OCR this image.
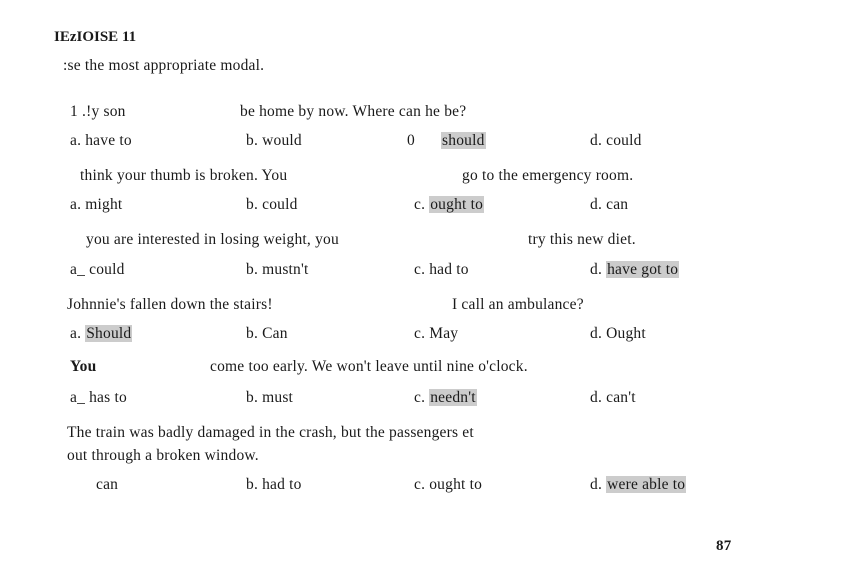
IEzIOISE 11
:se the most appropriate modal.
1 .!y son	be home by now. Where can he be?
a. have to	b. would	0 should	d. could
think your thumb is broken. You	go to the emergency room.
a. might	b. could	c. ought to	d. can
you are interested in losing weight, you	try this new diet.
a_ could	b. mustn't	c. had to	d. have got to
Johnnie's fallen down the stairs!	I call an ambulance?
a. Should	b. Can	c. May	d. Ought
You	come too early. We won't leave until nine o'clock.
a_ has to	b. must	c. needn't	d. can't
The train was badly damaged in the crash, but the passengers et
out through a broken window.
can	b. had to	c. ought to	d. were able to
87
